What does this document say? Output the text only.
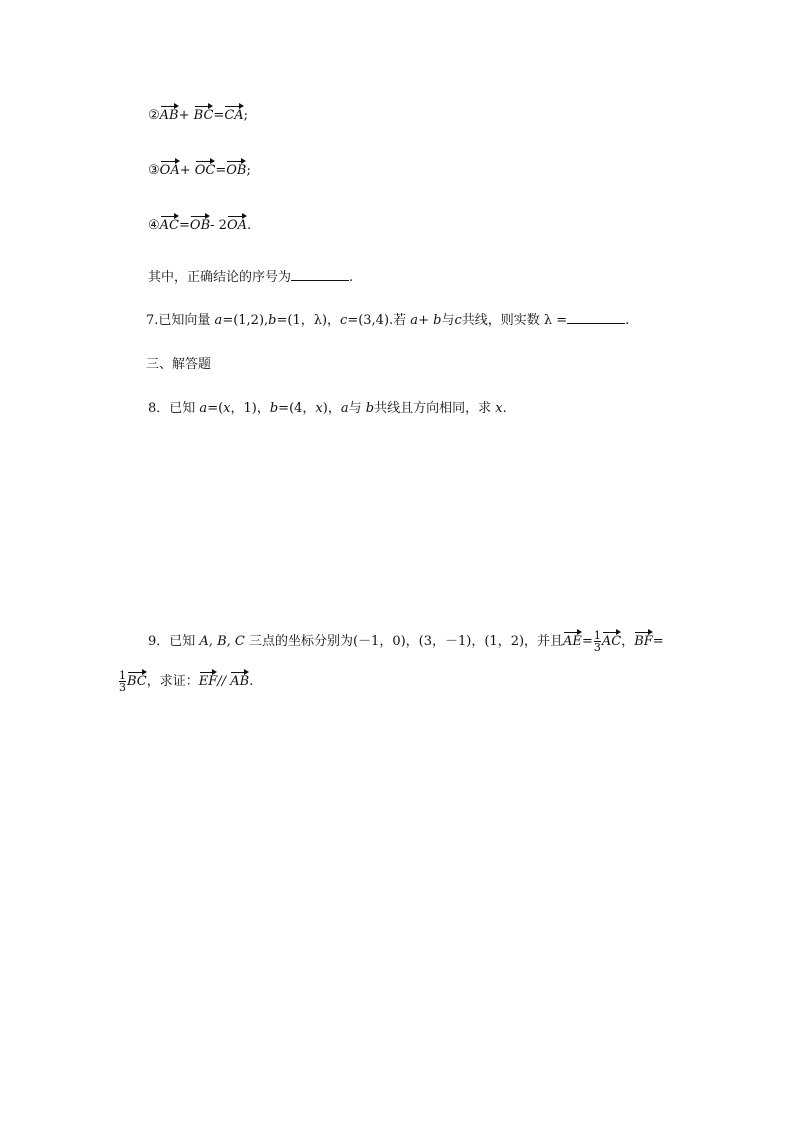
②AB+ BC=CA;
③OA+ OC=OB;
④AC=OB- 2OA.
其中，正确结论的序号为	.
7.已知向量 a=(1,2),b=(1，λ)，c=(3,4).若 a+ b与c共线，则实数 λ =	.
三、解答题
8．已知 a=(x，1)，b=(4，x)，a与 b共线且方向相同，求 x.
9．已知 A, B, C 三点的坐标分别为(－1，0)，(3，－1)，(1，2)，并且$AE= \frac{1}{3}$ AC，BF=
$\frac{1}{3}$ BC，求证：EF// AB.
